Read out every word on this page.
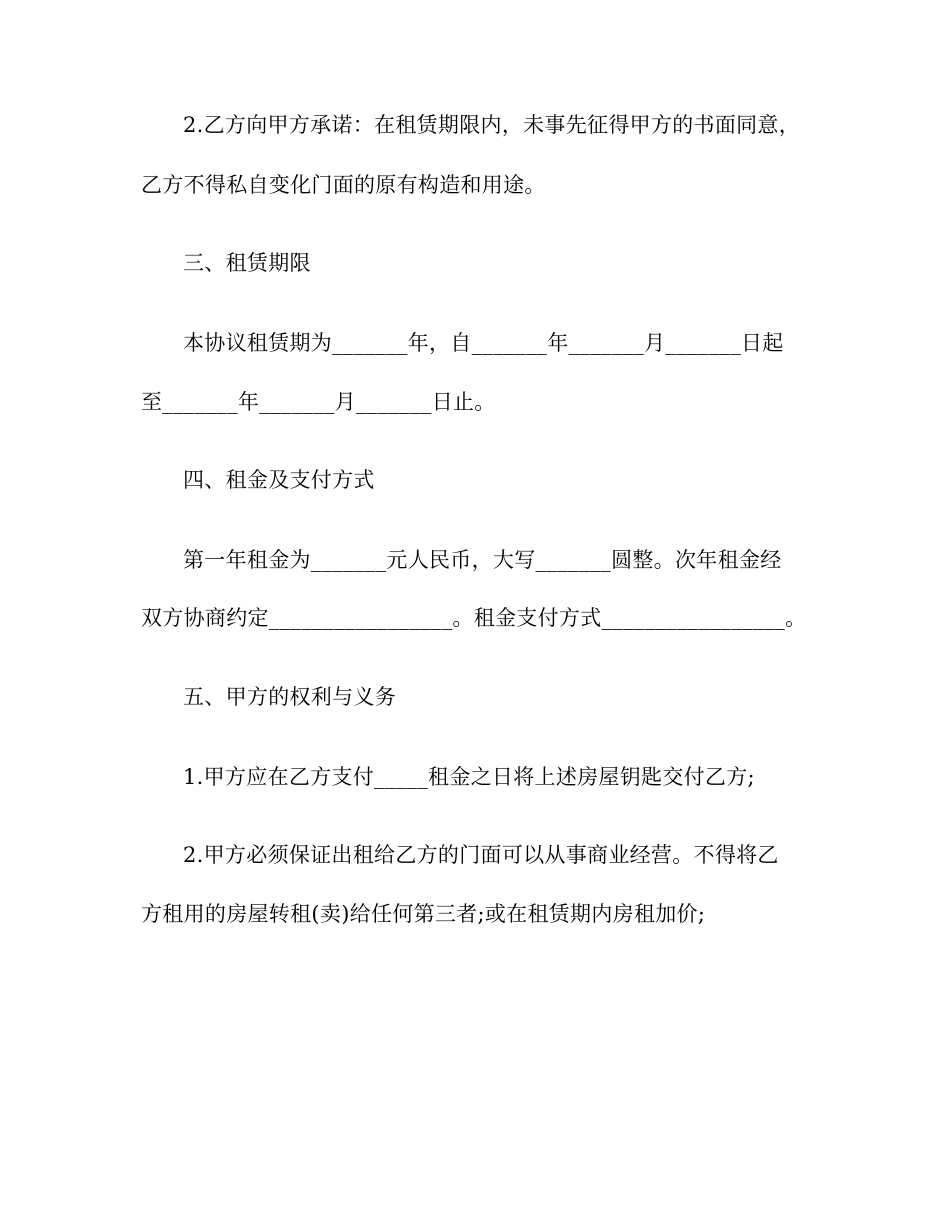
2.乙方向甲方承诺：在租赁期限内，未事先征得甲方的书面同意，
乙方不得私自变化门面的原有构造和用途。
三、租赁期限
本协议租赁期为_______年，自_______年_______月_______日起
至_______年_______月_______日止。
四、租金及支付方式
第一年租金为_______元人民币，大写_______圆整。次年租金经
双方协商约定_________________。租金支付方式_________________。
五、甲方的权利与义务
1.甲方应在乙方支付_____租金之日将上述房屋钥匙交付乙方;
2.甲方必须保证出租给乙方的门面可以从事商业经营。不得将乙
方租用的房屋转租(卖)给任何第三者;或在租赁期内房租加价;
